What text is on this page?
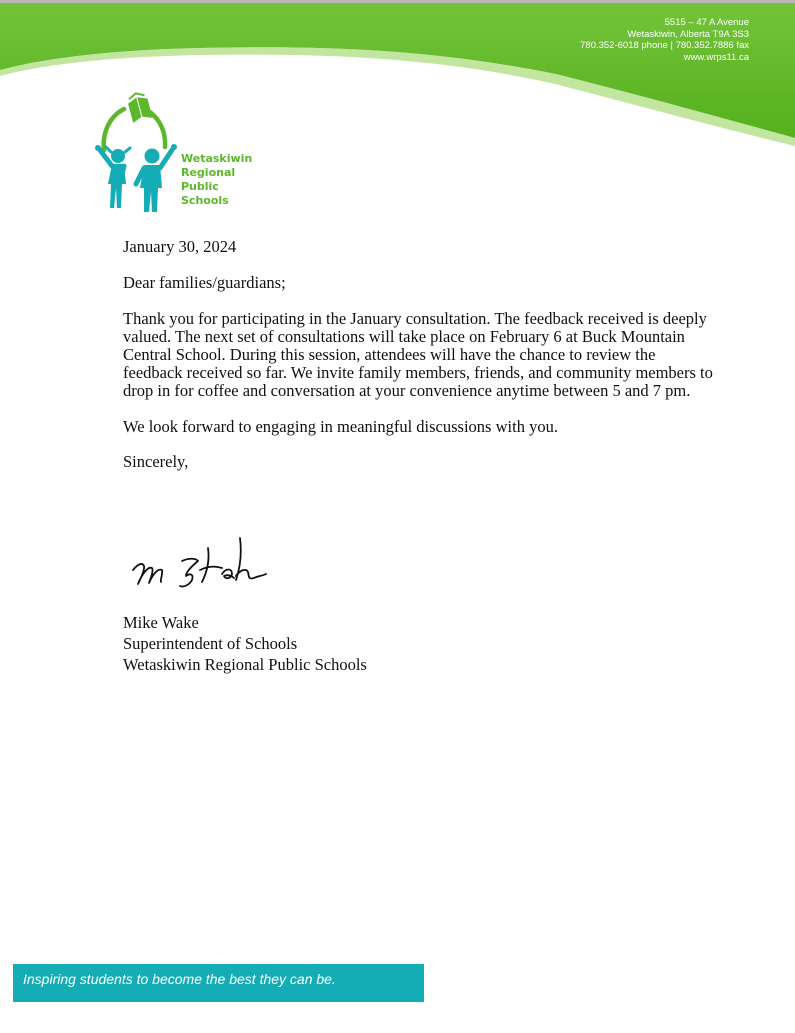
5515 – 47 A Avenue
Wetaskiwin, Alberta T9A 3S3
780.352-6018 phone | 780.352.7886 fax
www.wrps11.ca
Wetaskiwin
Regional
Public
Schools

January 30, 2024

Dear families/guardians;

Thank you for participating in the January consultation. The feedback received is deeply valued. The next set of consultations will take place on February 6 at Buck Mountain Central School. During this session, attendees will have the chance to review the feedback received so far. We invite family members, friends, and community members to drop in for coffee and conversation at your convenience anytime between 5 and 7 pm.

We look forward to engaging in meaningful discussions with you.

Sincerely,

Mike Wake
Superintendent of Schools
Wetaskiwin Regional Public Schools
Inspiring students to become the best they can be.
